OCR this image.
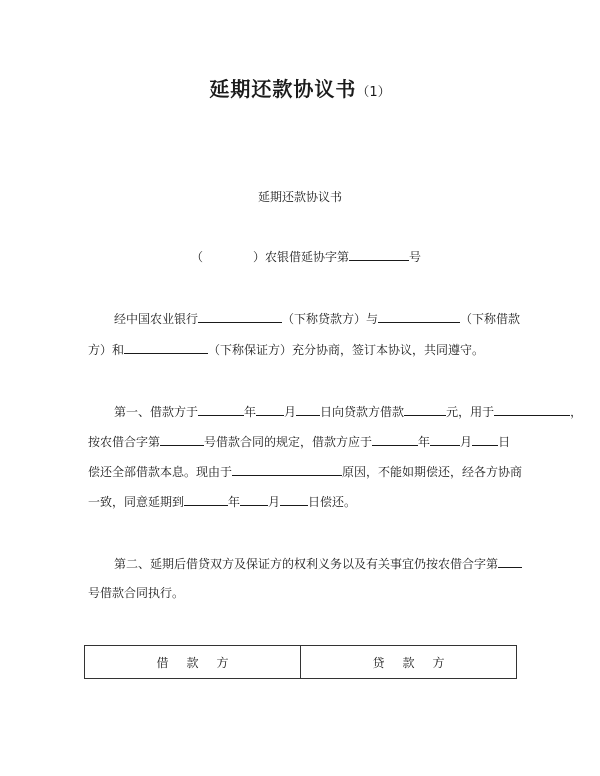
延期还款协议书（1）
延期还款协议书
（	）农银借延协字第	号
经中国农业银行	（下称贷款方）与	（下称借款
方）和	（下称保证方）充分协商，签订本协议，共同遵守。
第一、借款方于	年 月 日向贷款方借款	元，用于	，
按农借合字第	号借款合同的规定，借款方应于	年	月 日
偿还全部借款本息。现由于	原因，不能如期偿还，经各方协商
一致，同意延期到	年 月 日偿还。
第二、延期后借贷双方及保证方的权利义务以及有关事宜仍按农借合字第
号借款合同执行。
借款方	贷款方
